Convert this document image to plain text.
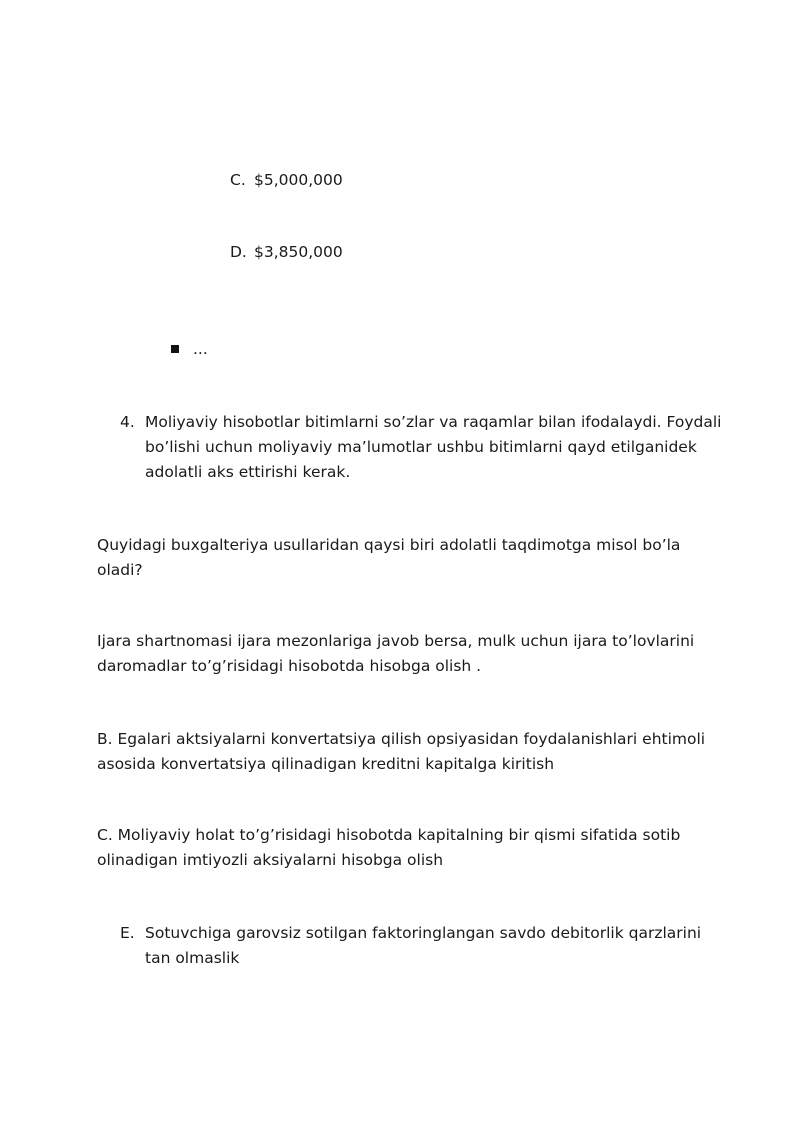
C. $5,000,000
D. $3,850,000
...
4. Moliyaviy hisobotlar bitimlarni so’zlar va raqamlar bilan ifodalaydi. Foydali
bo’lishi uchun moliyaviy ma’lumotlar ushbu bitimlarni qayd etilganidek
adolatli aks ettirishi kerak.
Quyidagi buxgalteriya usullaridan qaysi biri adolatli taqdimotga misol bo’la
oladi?
Ijara shartnomasi ijara mezonlariga javob bersa, mulk uchun ijara to’lovlarini
daromadlar to’g’risidagi hisobotda hisobga olish .
B. Egalari aktsiyalarni konvertatsiya qilish opsiyasidan foydalanishlari ehtimoli
asosida konvertatsiya qilinadigan kreditni kapitalga kiritish
C. Moliyaviy holat to’g’risidagi hisobotda kapitalning bir qismi sifatida sotib
olinadigan imtiyozli aksiyalarni hisobga olish
E. Sotuvchiga garovsiz sotilgan faktoringlangan savdo debitorlik qarzlarini
tan olmaslik
